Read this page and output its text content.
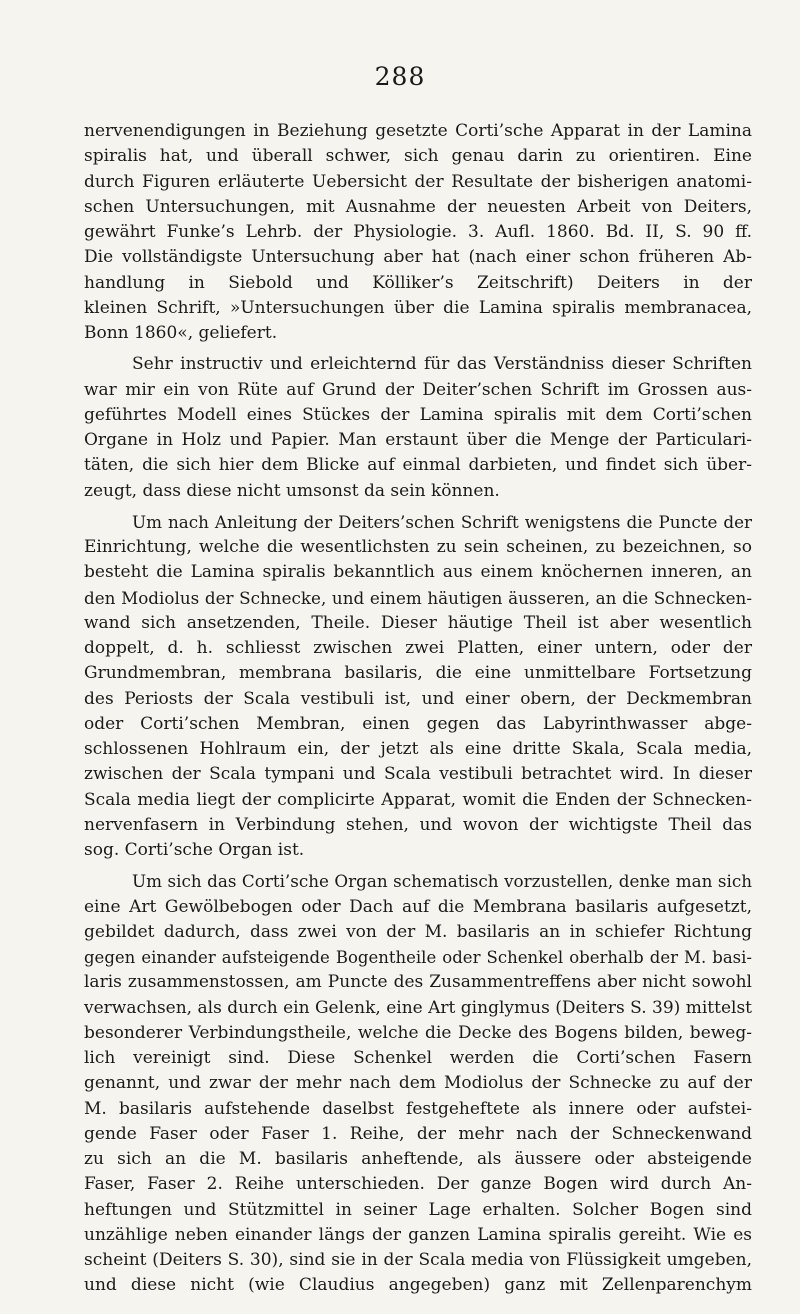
288
nervenendigungen in Beziehung gesetzte Corti’sche Apparat in der Lamina
spiralis hat, und überall schwer, sich genau darin zu orientiren. Eine
durch Figuren erläuterte Uebersicht der Resultate der bisherigen anatomi-
schen Untersuchungen, mit Ausnahme der neuesten Arbeit von Deiters,
gewährt Funke’s Lehrb. der Physiologie. 3. Aufl. 1860. Bd. II, S. 90 ff.
Die vollständigste Untersuchung aber hat (nach einer schon früheren Ab-
handlung in Siebold und Kölliker’s Zeitschrift) Deiters in der
kleinen Schrift, »Untersuchungen über die Lamina spiralis membranacea,
Bonn 1860«, geliefert.
Sehr instructiv und erleichternd für das Verständniss dieser Schriften
war mir ein von Rüte auf Grund der Deiter’schen Schrift im Grossen aus-
geführtes Modell eines Stückes der Lamina spiralis mit dem Corti’schen
Organe in Holz und Papier. Man erstaunt über die Menge der Particulari-
täten, die sich hier dem Blicke auf einmal darbieten, und findet sich über-
zeugt, dass diese nicht umsonst da sein können.
Um nach Anleitung der Deiters’schen Schrift wenigstens die Puncte der
Einrichtung, welche die wesentlichsten zu sein scheinen, zu bezeichnen, so
besteht die Lamina spiralis bekanntlich aus einem knöchernen inneren, an
den Modiolus der Schnecke, und einem häutigen äusseren, an die Schnecken-
wand sich ansetzenden, Theile. Dieser häutige Theil ist aber wesentlich
doppelt, d. h. schliesst zwischen zwei Platten, einer untern, oder der
Grundmembran, membrana basilaris, die eine unmittelbare Fortsetzung
des Periosts der Scala vestibuli ist, und einer obern, der Deckmembran
oder Corti’schen Membran, einen gegen das Labyrinthwasser abge-
schlossenen Hohlraum ein, der jetzt als eine dritte Skala, Scala media,
zwischen der Scala tympani und Scala vestibuli betrachtet wird. In dieser
Scala media liegt der complicirte Apparat, womit die Enden der Schnecken-
nervenfasern in Verbindung stehen, und wovon der wichtigste Theil das
sog. Corti’sche Organ ist.
Um sich das Corti’sche Organ schematisch vorzustellen, denke man sich
eine Art Gewölbebogen oder Dach auf die Membrana basilaris aufgesetzt,
gebildet dadurch, dass zwei von der M. basilaris an in schiefer Richtung
gegen einander aufsteigende Bogentheile oder Schenkel oberhalb der M. basi-
laris zusammenstossen, am Puncte des Zusammentreffens aber nicht sowohl
verwachsen, als durch ein Gelenk, eine Art ginglymus (Deiters S. 39) mittelst
besonderer Verbindungstheile, welche die Decke des Bogens bilden, beweg-
lich vereinigt sind. Diese Schenkel werden die Corti’schen Fasern
genannt, und zwar der mehr nach dem Modiolus der Schnecke zu auf der
M. basilaris aufstehende daselbst festgeheftete als innere oder aufstei-
gende Faser oder Faser 1. Reihe, der mehr nach der Schneckenwand
zu sich an die M. basilaris anheftende, als äussere oder absteigende
Faser, Faser 2. Reihe unterschieden. Der ganze Bogen wird durch An-
heftungen und Stützmittel in seiner Lage erhalten. Solcher Bogen sind
unzählige neben einander längs der ganzen Lamina spiralis gereiht. Wie es
scheint (Deiters S. 30), sind sie in der Scala media von Flüssigkeit umgeben,
und diese nicht (wie Claudius angegeben) ganz mit Zellenparenchym
